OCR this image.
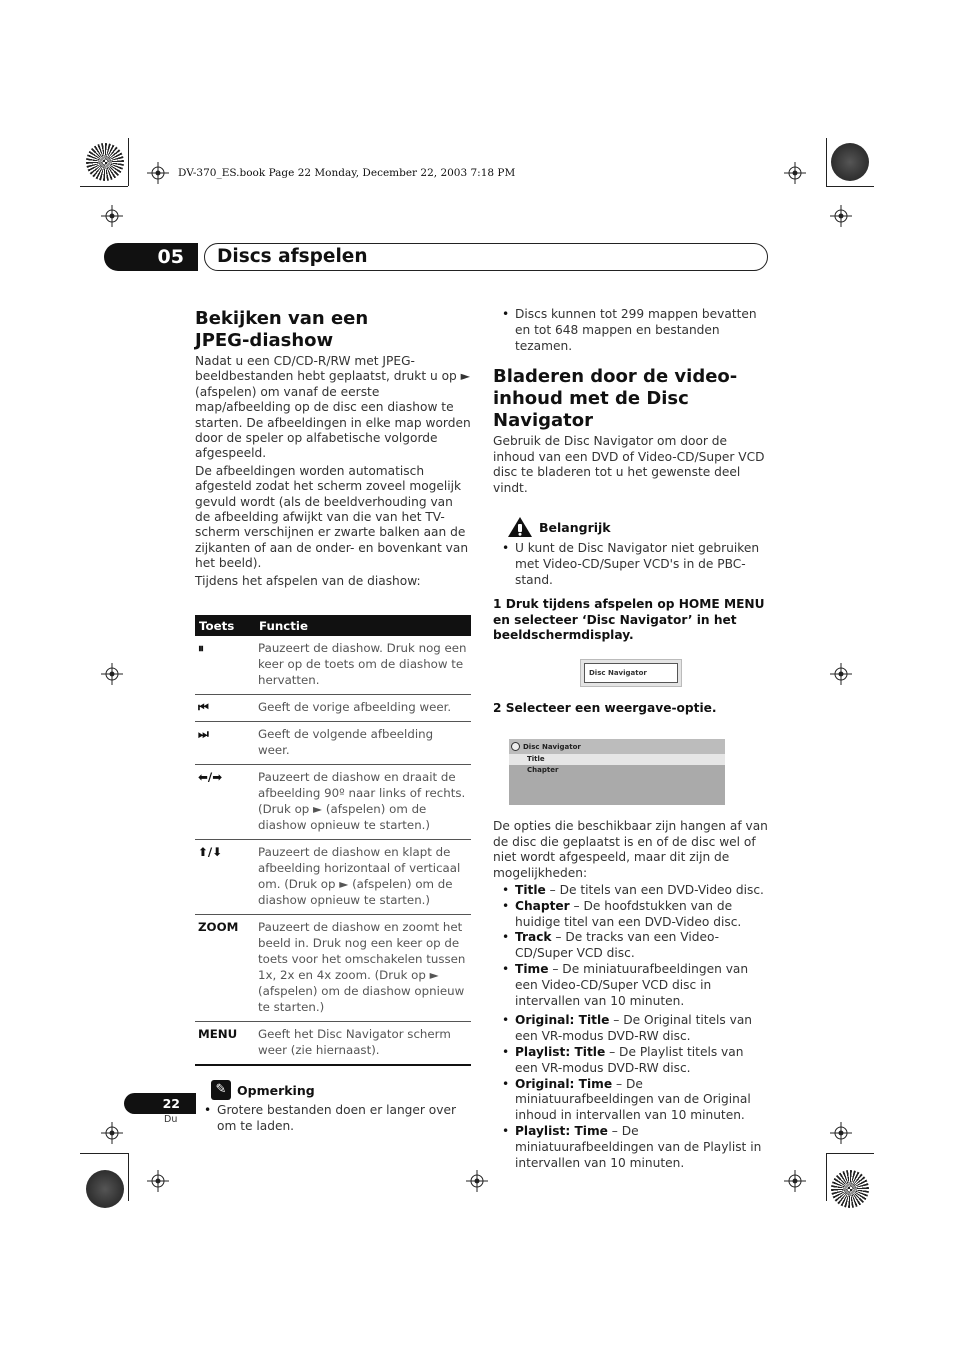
DV-370_ES.book Page 22 Monday, December 22, 2003 7:18 PM
05	Discs afspelen
Bekijken van een JPEG-diashow

Nadat u een CD/CD-R/RW met JPEG-beeldbestanden hebt geplaatst, drukt u op ► (afspelen) om vanaf de eerste map/afbeelding op de disc een diashow te starten. De afbeeldingen in elke map worden door de speler op alfabetische volgorde afgespeeld.

De afbeeldingen worden automatisch afgesteld zodat het scherm zoveel mogelijk gevuld wordt (als de beeldverhouding van de afbeelding afwijkt van die van het TV-scherm verschijnen er zwarte balken aan de zijkanten of aan de onder- en bovenkant van het beeld).

Tijdens het afspelen van de diashow:

Toets	Functie
⏸	Pauzeert de diashow. Druk nog een keer op de toets om de diashow te hervatten.
⏮	Geeft de vorige afbeelding weer.
⏭	Geeft de volgende afbeelding weer.
⬅/➡	Pauzeert de diashow en draait de afbeelding 90º naar links of rechts. (Druk op ► (afspelen) om de diashow opnieuw te starten.)
⬆/⬇	Pauzeert de diashow en klapt de afbeelding horizontaal of verticaal om. (Druk op ► (afspelen) om de diashow opnieuw te starten.)
ZOOM	Pauzeert de diashow en zoomt het beeld in. Druk nog een keer op de toets voor het omschakelen tussen 1x, 2x en 4x zoom. (Druk op ► (afspelen) om de diashow opnieuw te starten.)
MENU	Geeft het Disc Navigator scherm weer (zie hiernaast).
✎ Opmerking
• Grotere bestanden doen er langer over om te laden.
• Discs kunnen tot 299 mappen bevatten en tot 648 mappen en bestanden tezamen.
Bladeren door de video-inhoud met de Disc Navigator

Gebruik de Disc Navigator om door de inhoud van een DVD of Video-CD/Super VCD disc te bladeren tot u het gewenste deel vindt.

Belangrijk
• U kunt de Disc Navigator niet gebruiken met Video-CD/Super VCD's in de PBC-stand.

1 Druk tijdens afspelen op HOME MENU en selecteer ‘Disc Navigator’ in het beeldschermdisplay.

Disc Navigator

2 Selecteer een weergave-optie.

Disc Navigator
Title
Chapter

De opties die beschikbaar zijn hangen af van de disc die geplaatst is en of de disc wel of niet wordt afgespeeld, maar dit zijn de mogelijkheden:

• Title – De titels van een DVD-Video disc.
• Chapter – De hoofdstukken van de huidige titel van een DVD-Video disc.
• Track – De tracks van een Video-CD/Super VCD disc.
• Time – De miniatuurafbeeldingen van een Video-CD/Super VCD disc in intervallen van 10 minuten.
• Original: Title – De Original titels van een VR-modus DVD-RW disc.
• Playlist: Title – De Playlist titels van een VR-modus DVD-RW disc.
• Original: Time – De miniatuurafbeeldingen van de Original inhoud in intervallen van 10 minuten.
• Playlist: Time – De miniatuurafbeeldingen van de Playlist in intervallen van 10 minuten.
22
Du
